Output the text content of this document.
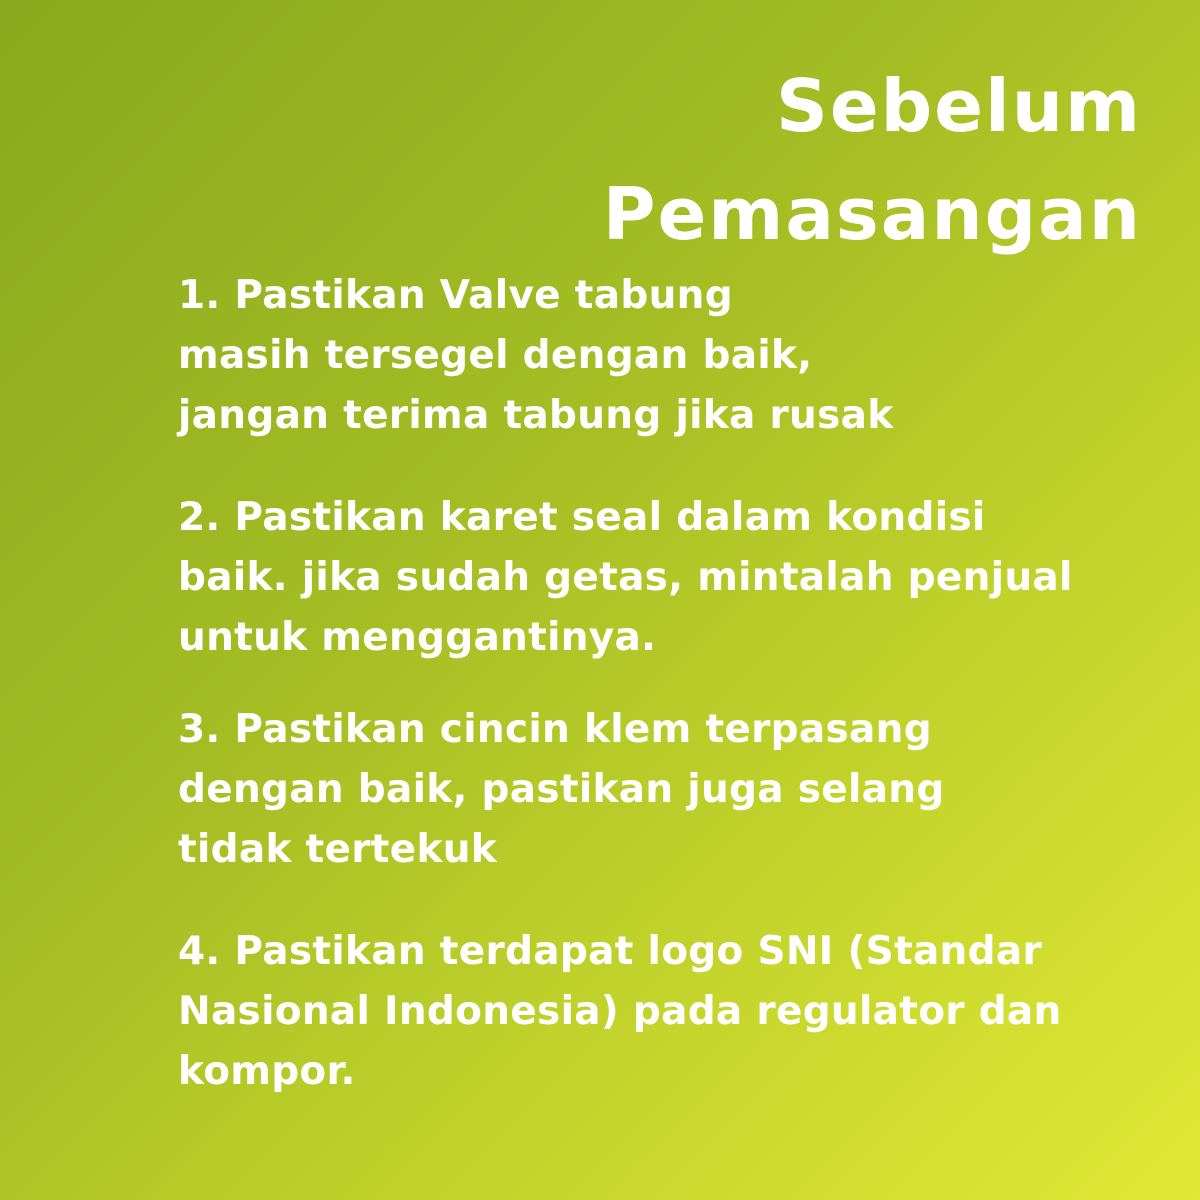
Sebelum
Pemasangan
1. Pastikan Valve tabung
masih tersegel dengan baik,
jangan terima tabung jika rusak
2. Pastikan karet seal dalam kondisi
baik. jika sudah getas, mintalah penjual
untuk menggantinya.
3. Pastikan cincin klem terpasang
dengan baik, pastikan juga selang
tidak tertekuk
4. Pastikan terdapat logo SNI (Standar
Nasional Indonesia) pada regulator dan
kompor.
